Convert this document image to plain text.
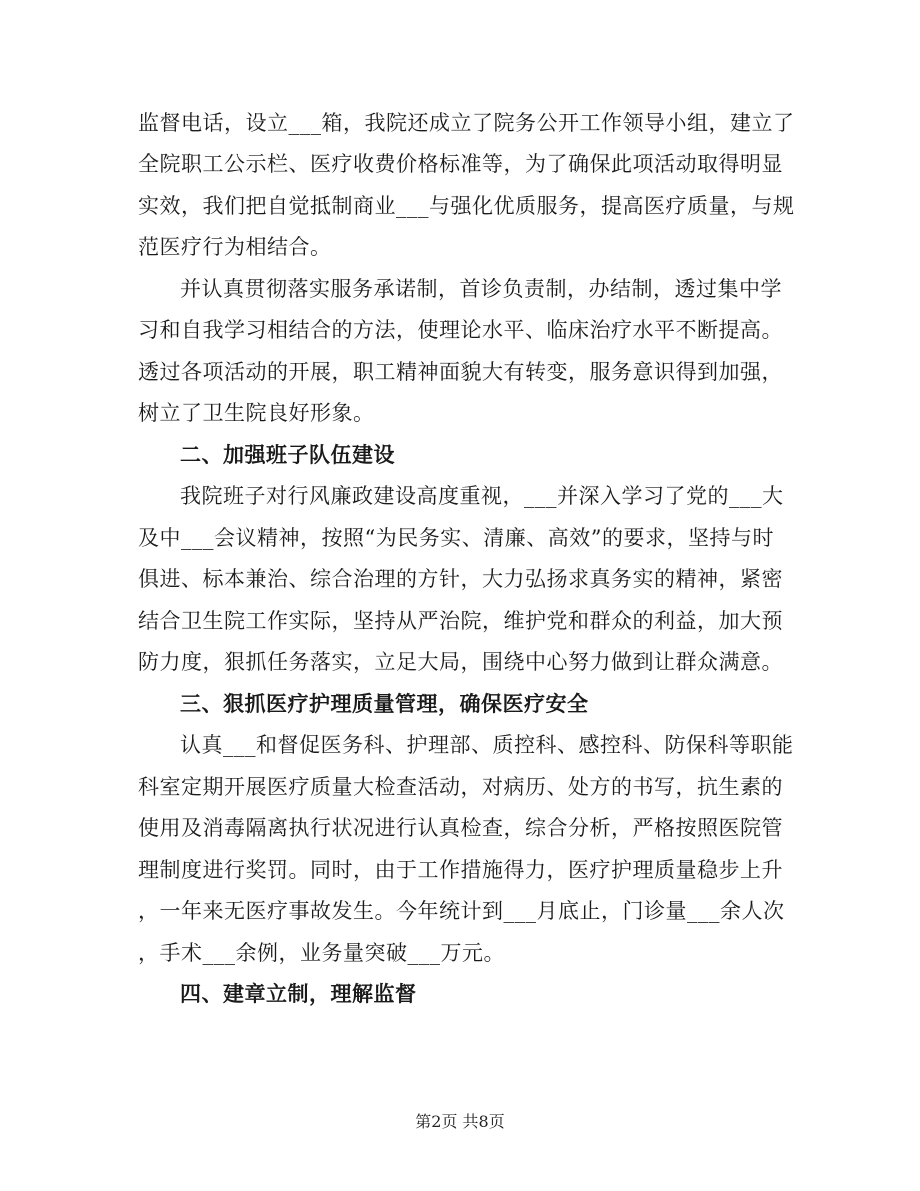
监督电话，设立___箱，我院还成立了院务公开工作领导小组，建立了
全院职工公示栏、医疗收费价格标准等，为了确保此项活动取得明显
实效，我们把自觉抵制商业___与强化优质服务，提高医疗质量，与规
范医疗行为相结合。
并认真贯彻落实服务承诺制，首诊负责制，办结制，透过集中学
习和自我学习相结合的方法，使理论水平、临床治疗水平不断提高。
透过各项活动的开展，职工精神面貌大有转变，服务意识得到加强，
树立了卫生院良好形象。
二、加强班子队伍建设
我院班子对行风廉政建设高度重视，___并深入学习了党的___大
及中___会议精神，按照“为民务实、清廉、高效”的要求，坚持与时
俱进、标本兼治、综合治理的方针，大力弘扬求真务实的精神，紧密
结合卫生院工作实际，坚持从严治院，维护党和群众的利益，加大预
防力度，狠抓任务落实，立足大局，围绕中心努力做到让群众满意。
三、狠抓医疗护理质量管理，确保医疗安全
认真___和督促医务科、护理部、质控科、感控科、防保科等职能
科室定期开展医疗质量大检查活动，对病历、处方的书写，抗生素的
使用及消毒隔离执行状况进行认真检查，综合分析，严格按照医院管
理制度进行奖罚。同时，由于工作措施得力，医疗护理质量稳步上升
，一年来无医疗事故发生。今年统计到___月底止，门诊量___余人次
，手术___余例，业务量突破___万元。
四、建章立制，理解监督
第2页 共8页
